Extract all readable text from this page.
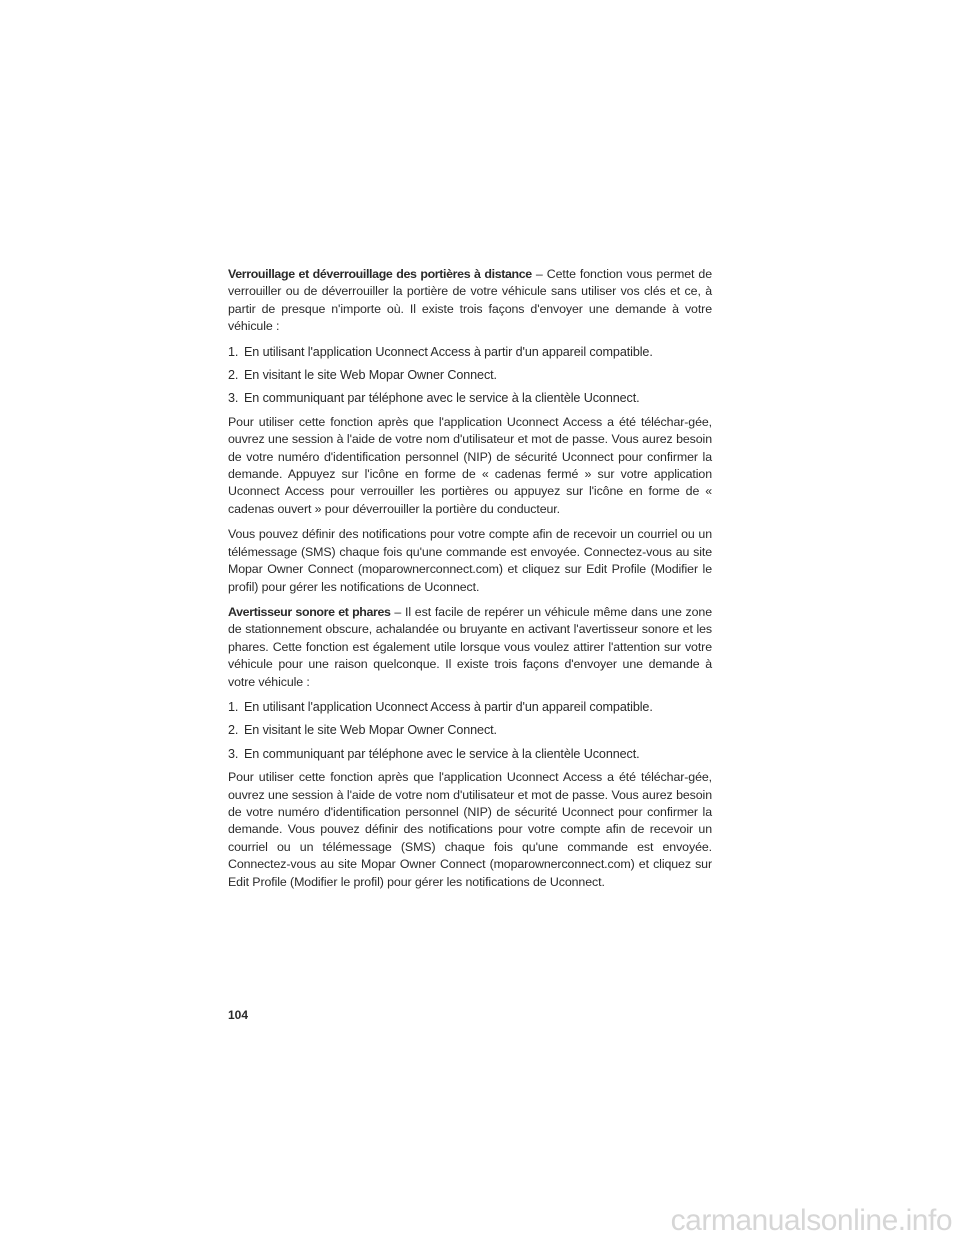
Verrouillage et déverrouillage des portières à distance – Cette fonction vous permet de verrouiller ou de déverrouiller la portière de votre véhicule sans utiliser vos clés et ce, à partir de presque n'importe où. Il existe trois façons d'envoyer une demande à votre véhicule :

1. En utilisant l'application Uconnect Access à partir d'un appareil compatible.
2. En visitant le site Web Mopar Owner Connect.
3. En communiquant par téléphone avec le service à la clientèle Uconnect.

Pour utiliser cette fonction après que l'application Uconnect Access a été téléchar-gée, ouvrez une session à l'aide de votre nom d'utilisateur et mot de passe. Vous aurez besoin de votre numéro d'identification personnel (NIP) de sécurité Uconnect pour confirmer la demande. Appuyez sur l'icône en forme de « cadenas fermé » sur votre application Uconnect Access pour verrouiller les portières ou appuyez sur l'icône en forme de « cadenas ouvert » pour déverrouiller la portière du conducteur.

Vous pouvez définir des notifications pour votre compte afin de recevoir un courriel ou un télémessage (SMS) chaque fois qu'une commande est envoyée. Connectez-vous au site Mopar Owner Connect (moparownerconnect.com) et cliquez sur Edit Profile (Modifier le profil) pour gérer les notifications de Uconnect.

Avertisseur sonore et phares – Il est facile de repérer un véhicule même dans une zone de stationnement obscure, achalandée ou bruyante en activant l'avertisseur sonore et les phares. Cette fonction est également utile lorsque vous voulez attirer l'attention sur votre véhicule pour une raison quelconque. Il existe trois façons d'envoyer une demande à votre véhicule :

1. En utilisant l'application Uconnect Access à partir d'un appareil compatible.
2. En visitant le site Web Mopar Owner Connect.
3. En communiquant par téléphone avec le service à la clientèle Uconnect.

Pour utiliser cette fonction après que l'application Uconnect Access a été téléchar-gée, ouvrez une session à l'aide de votre nom d'utilisateur et mot de passe. Vous aurez besoin de votre numéro d'identification personnel (NIP) de sécurité Uconnect pour confirmer la demande. Vous pouvez définir des notifications pour votre compte afin de recevoir un courriel ou un télémessage (SMS) chaque fois qu'une commande est envoyée. Connectez-vous au site Mopar Owner Connect (moparownerconnect.com) et cliquez sur Edit Profile (Modifier le profil) pour gérer les notifications de Uconnect.

104
carmanualsonline.info
